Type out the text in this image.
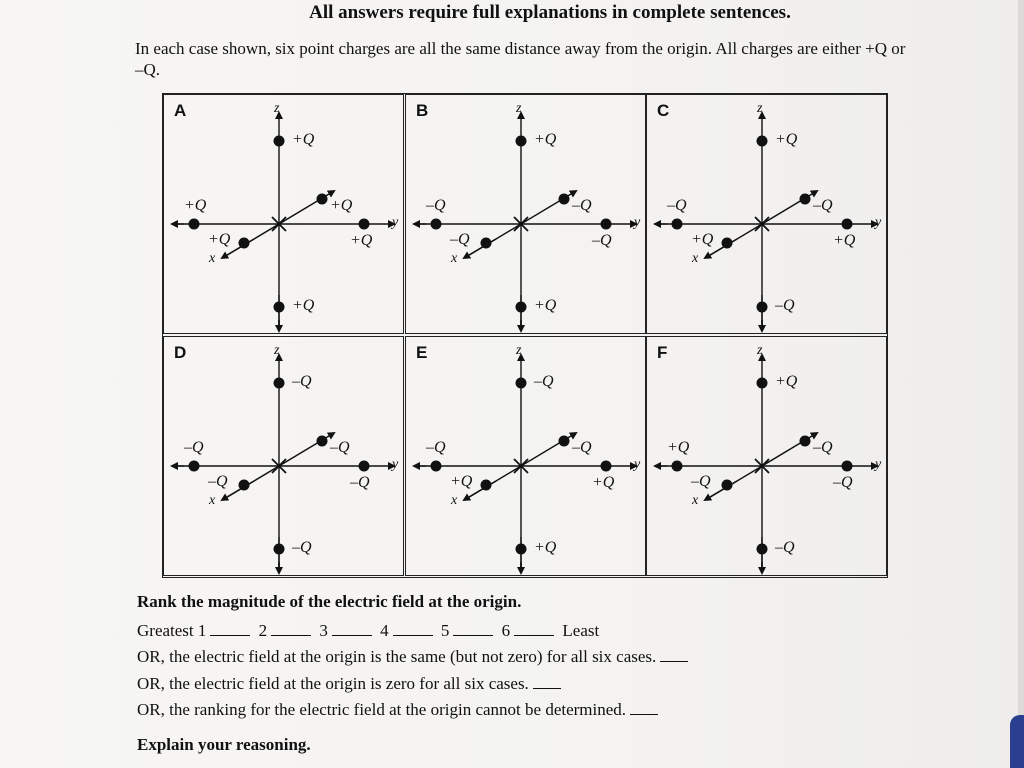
All answers require full explanations in complete sentences.
In each case shown, six point charges are all the same distance away from the origin. All charges are either +Q or –Q.
A	z
y
x
+Q
+Q
+Q
+Q
+Q
+Q
B	z
y
x
+Q
+Q
–Q
–Q
–Q
–Q
C	z
y
x
+Q
–Q
–Q
+Q
–Q
+Q
D	z
y
x
–Q
–Q
–Q
–Q
–Q
–Q
E	z
y
x
–Q
+Q
–Q
+Q
–Q
+Q
F	z
y
x
+Q
–Q
+Q
–Q
–Q
–Q
Rank the magnitude of the electric field at the origin.
Greatest 1	2	3	4	5	6	Least
OR, the electric field at the origin is the same (but not zero) for all six cases.
OR, the electric field at the origin is zero for all six cases.
OR, the ranking for the electric field at the origin cannot be determined.
Explain your reasoning.
